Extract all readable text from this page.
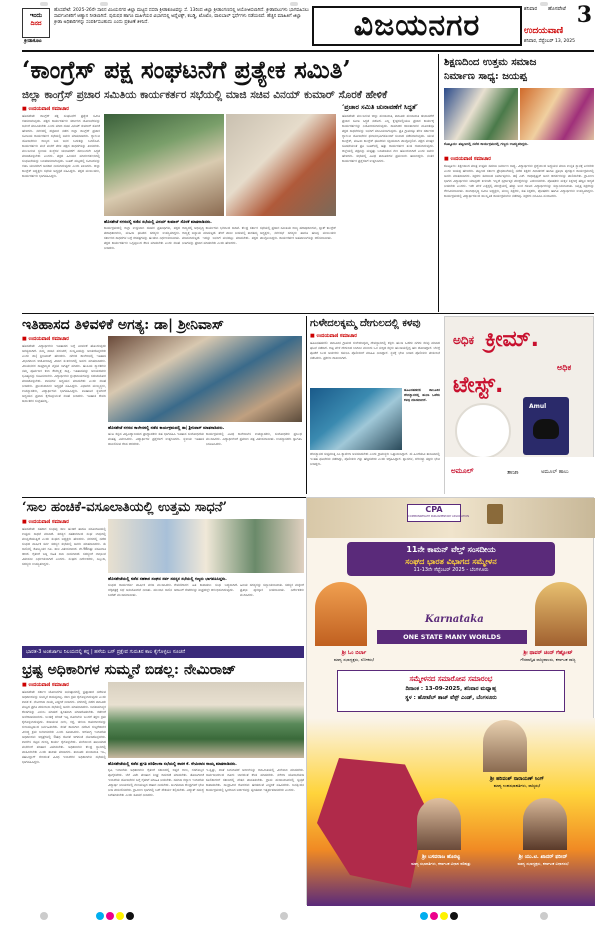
ಇಂದು
ದಿನದ
ಕ್ರೀಡಾಕೂಟ
ಹೊಸಪೇಟೆ: 2025-26ನೇ ಸಾಲಿನ ವಿಜಯನಗರ ಜಿಲ್ಲಾ ಮಟ್ಟದ ದಸರಾ ಕ್ರೀಡಾಕೂಟವನ್ನು ಸೆ. 13ರಿಂದ ಜಿಲ್ಲಾ ಕ್ರೀಡಾಂಗಣದಲ್ಲಿ ಆಯೋಜಿಸಲಾಗಿದೆ. ಕ್ರೀಡಾಪಟುಗಳು ಭಾಗವಹಿಸಲು ಸಾರ್ವಜನಿಕರಿಗೆ ಆಹ್ವಾನ ನೀಡಲಾಗಿದೆ. ಪುರುಷರ ಹಾಗೂ ಮಹಿಳೆಯರ ವಿಭಾಗದಲ್ಲಿ ಅಥ್ಲೆಟಿಕ್ಸ್, ಕಬಡ್ಡಿ, ಖೊಖೊ, ವಾಲಿಬಾಲ್ ಸ್ಪರ್ಧೆಗಳು ನಡೆಯಲಿವೆ. ಹೆಚ್ಚಿನ ಮಾಹಿತಿಗೆ ಜಿಲ್ಲಾ ಕ್ರೀಡಾ ಅಧಿಕಾರಿಗಳನ್ನು ಸಂಪರ್ಕಿಸಬಹುದು ಎಂದು ಪ್ರಕಟಣೆ ತಿಳಿಸಿದೆ.	ವಿಜಯನಗರ	ಶನಿವಾರ ಹೊಸಪೇಟೆ 3
ಉದಯವಾಣಿ
ಶನಿವಾರ, ಸೆಪ್ಟೆಂಬರ್ 13, 2025
‘ಕಾಂಗ್ರೆಸ್ ಪಕ್ಷ ಸಂಘಟನೆಗೆ ಪ್ರತ್ಯೇಕ ಸಮಿತಿ’
ಜಿಲ್ಲಾ ಕಾಂಗ್ರೆಸ್ ಪ್ರಚಾರ ಸಮಿತಿಯ ಕಾರ್ಯಕರ್ತರ ಸಭೆಯಲ್ಲಿ ಮಾಜಿ ಸಚಿವ ವಿನಯ್ ಕುಮಾರ್ ಸೊರಕೆ ಹೇಳಿಕೆ
■ ಉದಯವಾಣಿ ಸಮಾಚಾರ
ಹೊಸಪೇಟೆ: ಕಾಂಗ್ರೆಸ್ ಪಕ್ಷ ಸಂಘಟನೆಗೆ ಪ್ರತ್ಯೇಕ ಸಮಿತಿ ರಚಿಸಲಾಗುವುದು. ಪಕ್ಷದ ಕಾರ್ಯಕರ್ತರು ಸರ್ಕಾರದ ಯೋಜನೆಗಳನ್ನು ಜನರಿಗೆ ತಲುಪಿಸಬೇಕು ಎಂದು ಮಾಜಿ ಸಚಿವ ವಿನಯ್ ಕುಮಾರ್ ಸೊರಕೆ ಹೇಳಿದರು. ನಗರದಲ್ಲಿ ಶುಕ್ರವಾರ ನಡೆದ ಜಿಲ್ಲಾ ಕಾಂಗ್ರೆಸ್ ಪ್ರಚಾರ ಸಮಿತಿಯ ಕಾರ್ಯಕರ್ತರ ಸಭೆಯಲ್ಲಿ ಅವರು ಮಾತನಾಡಿದರು. ಗ್ಯಾರಂಟಿ ಯೋಜನೆಗಳು ರಾಜ್ಯದ ಬಡ ಜನರ ಬದುಕನ್ನು ಬದಲಿಸಿವೆ. ಕಾರ್ಯಕರ್ತರು ಮನೆ ಮನೆಗೆ ತೆರಳಿ ಪಕ್ಷದ ಸಾಧನೆಗಳನ್ನು ತಿಳಿಸಬೇಕು. ಮುಂಬರುವ ಸ್ಥಳೀಯ ಸಂಸ್ಥೆಗಳ ಚುನಾವಣೆಗೆ ಈಗಿನಿಂದಲೇ ಸಿದ್ಧತೆ ಮಾಡಿಕೊಳ್ಳಬೇಕು ಎಂದರು. ಪಕ್ಷದ ಹಿರಿಯರ ಮಾರ್ಗದರ್ಶನದಲ್ಲಿ ಸಂಘಟನೆಯನ್ನು ಬಲಪಡಿಸಲಾಗುವುದು. ಬೂತ್ ಮಟ್ಟದಲ್ಲಿ ಸಮಿತಿಗಳನ್ನು ರಚಿಸಿ ಯುವಕರಿಗೆ ಅವಕಾಶ ನೀಡಲಾಗುವುದು ಎಂದು ತಿಳಿಸಿದರು. ಜಿಲ್ಲಾ ಕಾಂಗ್ರೆಸ್ ಅಧ್ಯಕ್ಷರು ಸಭೆಯ ಅಧ್ಯಕ್ಷತೆ ವಹಿಸಿದ್ದರು. ಪಕ್ಷದ ಮುಖಂಡರು, ಕಾರ್ಯಕರ್ತರು ಭಾಗವಹಿಸಿದ್ದರು.
ಹೊಸಪೇಟೆ ನಗರದಲ್ಲಿ ನಡೆದ ಸಭೆಯಲ್ಲಿ ವಿನಯ್ ಕುಮಾರ್ ಸೊರಕೆ ಮಾತನಾಡಿದರು.
ಕಾರ್ಯಕ್ರಮದಲ್ಲಿ ಜಿಲ್ಲಾ ಉಸ್ತುವಾರಿ ಸಚಿವರ ಪ್ರತಿನಿಧಿಗಳು, ಪಕ್ಷದ ಪದಾಧಿಕಾರಿಗಳು, ಮಹಿಳಾ ಘಟಕದ ಸದಸ್ಯರು ಉಪಸ್ಥಿತರಿದ್ದರು. ಸರ್ಕಾರದ ಸಾಧನೆಗಳ ಬಗ್ಗೆ ಕರಪತ್ರಗಳನ್ನು ಹಂಚಲು ನಿರ್ಧರಿಸಲಾಯಿತು. ಪಕ್ಷದ ಕಾರ್ಯಕರ್ತರು ಒಗ್ಗಟ್ಟಿನಿಂದ ಕೆಲಸ ಮಾಡಬೇಕು ಎಂದು ಸಲಹೆ ನೀಡಿದರು.
ರಾಜ್ಯದಲ್ಲಿ ಅಭಿವೃದ್ಧಿ ಕಾರ್ಯಗಳು ಭರದಿಂದ ಸಾಗಿವೆ. ಕೇಂದ್ರ ಸರ್ಕಾರ ರಾಜ್ಯಕ್ಕೆ ಅನ್ಯಾಯ ಮಾಡುತ್ತಿದೆ. ತೆರಿಗೆ ಪಾಲು ನೀಡುವಲ್ಲಿ ತಾರತಮ್ಯ ಮಾಡಲಾಗುತ್ತಿದೆ. ಇದನ್ನು ಜನರಿಗೆ ಮನದಟ್ಟು ಮಾಡಬೇಕು. ಪಕ್ಷದ ನೀತಿಗಳನ್ನು ಪ್ರಚಾರ ಮಾಡಬೇಕು ಎಂದು ಹೇಳಿದರು.
ಸಭೆಯಲ್ಲಿ ಪ್ರಚಾರ ಸಮಿತಿಯ ರಾಜ್ಯ ಪದಾಧಿಕಾರಿಗಳು, ಬ್ಲಾಕ್ ಕಾಂಗ್ರೆಸ್ ಅಧ್ಯಕ್ಷರು, ನಗರಸಭೆ ಸದಸ್ಯರು ಹಾಗೂ ಹಲವು ಮುಖಂಡರು ಪಾಲ್ಗೊಂಡಿದ್ದರು. ಕಾರ್ಯಕರ್ತರ ಅಹವಾಲುಗಳನ್ನು ಆಲಿಸಲಾಯಿತು.
‘ಪ್ರಚಾರ ಸಮಿತಿ ಚುನಾವಣೆಗೆ ಸಿದ್ಧತೆ’
ಹೊಸಪೇಟೆ: ಮುಂಬರುವ ಜಿಲ್ಲಾ ಪಂಚಾಯಿತಿ, ತಾಲೂಕು ಪಂಚಾಯಿತಿ ಚುನಾವಣೆಗೆ ಪ್ರಚಾರ ಸಮಿತಿ ಸಿದ್ಧತೆ ನಡೆಸಿದೆ. ಎಲ್ಲ ಕ್ಷೇತ್ರಗಳಲ್ಲಿಯೂ ಪ್ರಚಾರ ಕಾರ್ಯಕ್ಕೆ ಕಾರ್ಯಕರ್ತರನ್ನು ನಿಯೋಜಿಸಲಾಗುವುದು. ಸಾಮಾಜಿಕ ಜಾಲತಾಣಗಳ ಮೂಲಕವೂ ಪಕ್ಷದ ಸಾಧನೆಗಳನ್ನು ಜನರಿಗೆ ತಲುಪಿಸಲಾಗುವುದು. ಪ್ರತಿ ಗ್ರಾಮಕ್ಕೂ ತೆರಳಿ ಸರ್ಕಾರದ ಗ್ಯಾರಂಟಿ ಯೋಜನೆಗಳ ಫಲಾನುಭವಿಗಳೊಂದಿಗೆ ಸಂವಾದ ನಡೆಸಲಾಗುವುದು. ಯುವ ಕಾಂಗ್ರೆಸ್, ಮಹಿಳಾ ಕಾಂಗ್ರೆಸ್ ಘಟಕಗಳು ಸಕ್ರಿಯವಾಗಿ ಪಾಲ್ಗೊಳ್ಳಲಿವೆ. ಪಕ್ಷದ ವರಿಷ್ಠರ ಸೂಚನೆಯಂತೆ ಪ್ರತಿ ಬೂತ್‌ನಲ್ಲಿ ಹತ್ತು ಕಾರ್ಯಕರ್ತರ ತಂಡ ರಚಿಸಲಾಗುವುದು. ಜಿಲ್ಲೆಯಲ್ಲಿ ಪಕ್ಷವನ್ನು ಮತ್ತಷ್ಟು ಬಲಪಡಿಸುವ ಗುರಿ ಹೊಂದಲಾಗಿದೆ ಎಂದು ಅವರು ಹೇಳಿದರು. ಸಭೆಯಲ್ಲಿ ವಿವಿಧ ತಾಲೂಕುಗಳ ಪ್ರಮುಖರು ಹಾಜರಿದ್ದರು. ನಂತರ ಕಾರ್ಯಕರ್ತರ ಪ್ರಶ್ನೆಗಳಿಗೆ ಉತ್ತರಿಸಿದರು.
ಶಿಕ್ಷಣದಿಂದ ಉತ್ತಮ ಸಮಾಜ
ನಿರ್ಮಾಣ ಸಾಧ್ಯ: ಜಯಪ್ಪ
ಕೊಟ್ಟೂರು: ಪಟ್ಟಣದಲ್ಲಿ ನಡೆದ ಕಾರ್ಯಕ್ರಮದಲ್ಲಿ ಗಣ್ಯರು ಉಪಸ್ಥಿತರಿದ್ದರು.
■ ಉದಯವಾಣಿ ಸಮಾಚಾರ
ಕೊಟ್ಟೂರು: ಶಿಕ್ಷಣದಿಂದ ಮಾತ್ರ ಉತ್ತಮ ಸಮಾಜ ನಿರ್ಮಾಣ ಸಾಧ್ಯ. ವಿದ್ಯಾರ್ಥಿಗಳು ಶ್ರದ್ಧೆಯಿಂದ ಅಧ್ಯಯನ ಮಾಡಿ ಉನ್ನತ ಸ್ಥಾನಕ್ಕೆ ಏರಬೇಕು ಎಂದು ಜಯಪ್ಪ ಹೇಳಿದರು. ಪಟ್ಟಣದ ಸರ್ಕಾರಿ ಪ್ರೌಢಶಾಲೆಯಲ್ಲಿ ನಡೆದ ಶಿಕ್ಷಕರ ದಿನಾಚರಣೆ ಹಾಗೂ ಪ್ರತಿಭಾ ಪುರಸ್ಕಾರ ಕಾರ್ಯಕ್ರಮದಲ್ಲಿ ಅವರು ಮಾತನಾಡಿದರು. ಶಿಕ್ಷಕರು ಸಮಾಜದ ನಿರ್ಮಾತೃಗಳು. ಡಾ| ಎಸ್. ರಾಧಾಕೃಷ್ಣನ್ ಅವರ ಆದರ್ಶಗಳನ್ನು ಪಾಲಿಸಬೇಕು. ಗ್ರಾಮೀಣ ಭಾಗದ ವಿದ್ಯಾರ್ಥಿಗಳು ಯಾವುದೇ ಕೀಳರಿಮೆ ಇಲ್ಲದೆ ಸ್ಪರ್ಧಾತ್ಮಕ ಪರೀಕ್ಷೆಗಳನ್ನು ಎದುರಿಸಬೇಕು. ಪೋಷಕರು ಮಕ್ಕಳ ಶಿಕ್ಷಣಕ್ಕೆ ಹೆಚ್ಚಿನ ಆದ್ಯತೆ ನೀಡಬೇಕು ಎಂದರು. ಇದೇ ವೇಳೆ ಎಸ್ಸೆಸ್ಸೆಲ್ಸಿ ಪರೀಕ್ಷೆಯಲ್ಲಿ ಹೆಚ್ಚು ಅಂಕ ಗಳಿಸಿದ ವಿದ್ಯಾರ್ಥಿಗಳನ್ನು ಸನ್ಮಾನಿಸಲಾಯಿತು. ನಿವೃತ್ತ ಶಿಕ್ಷಕರನ್ನು ಗೌರವಿಸಲಾಯಿತು. ಶಾಲಾಭಿವೃದ್ಧಿ ಸಮಿತಿ ಅಧ್ಯಕ್ಷರು, ಮುಖ್ಯ ಶಿಕ್ಷಕರು, ಸಹ ಶಿಕ್ಷಕರು, ಪೋಷಕರು ಹಾಗೂ ವಿದ್ಯಾರ್ಥಿಗಳು ಉಪಸ್ಥಿತರಿದ್ದರು. ಕಾರ್ಯಕ್ರಮದಲ್ಲಿ ವಿದ್ಯಾರ್ಥಿಗಳಿಂದ ಸಾಂಸ್ಕೃತಿಕ ಕಾರ್ಯಕ್ರಮಗಳು ನಡೆದವು. ಶಿಕ್ಷಕರು ನಿರೂಪಿಸಿ ವಂದಿಸಿದರು.
ಇತಿಹಾಸದ ತಿಳಿವಳಿಕೆ ಅಗತ್ಯ: ಡಾ| ಶ್ರೀನಿವಾಸ್
■ ಉದಯವಾಣಿ ಸಮಾಚಾರ
ಹೊಸಪೇಟೆ: ವಿದ್ಯಾರ್ಥಿಗಳು ಇತಿಹಾಸದ ಬಗ್ಗೆ ತಿಳಿವಳಿಕೆ ಹೊಂದುವುದು ಅಗತ್ಯವಾಗಿದೆ. ನಮ್ಮ ನಾಡಿನ ಪರಂಪರೆ, ಸಂಸ್ಕೃತಿಯನ್ನು ಅರಿತುಕೊಳ್ಳಬೇಕು ಎಂದು ಡಾ| ಶ್ರೀನಿವಾಸ್ ಹೇಳಿದರು. ನಗರದ ಕಾಲೇಜಿನಲ್ಲಿ ಇತಿಹಾಸ ವಿಭಾಗದಿಂದ ಆಯೋಜಿಸಿದ್ದ ವಿಚಾರ ಸಂಕಿರಣದಲ್ಲಿ ಅವರು ಮಾತನಾಡಿದರು. ವಿಜಯನಗರ ಸಾಮ್ರಾಜ್ಯದ ವೈಭವ ಜಗತ್ತಿಗೆ ಮಾದರಿ. ಹಂಪಿಯ ಸ್ಮಾರಕಗಳು ನಮ್ಮ ಪೂರ್ವಜರ ಕಲಾ ಕೌಶಲ್ಯಕ್ಕೆ ಸಾಕ್ಷಿ. ಇತಿಹಾಸವನ್ನು ಅರಿಯದವರು ಭವಿಷ್ಯವನ್ನು ರೂಪಿಸಲಾರರು. ವಿದ್ಯಾರ್ಥಿಗಳು ಗ್ರಂಥಾಲಯಗಳನ್ನು ಸದುಪಯೋಗ ಮಾಡಿಕೊಳ್ಳಬೇಕು. ಶಾಸನಗಳ ಅಧ್ಯಯನ ಮಾಡಬೇಕು ಎಂದು ಸಲಹೆ ನೀಡಿದರು. ಪ್ರಾಂಶುಪಾಲರು ಅಧ್ಯಕ್ಷತೆ ವಹಿಸಿದ್ದರು. ವಿಭಾಗದ ಮುಖ್ಯಸ್ಥರು, ಉಪನ್ಯಾಸಕರು, ವಿದ್ಯಾರ್ಥಿಗಳು ಭಾಗವಹಿಸಿದ್ದರು. ಐತಿಹಾಸಿಕ ಸ್ಥಳಗಳಿಗೆ ಅಧ್ಯಯನ ಪ್ರವಾಸ ಕೈಗೊಳ್ಳುವಂತೆ ಸಲಹೆ ನೀಡಿದರು. ಇತಿಹಾಸ ಕೇವಲ ದಿನಾಂಕಗಳ ಸಂಗ್ರಹವಲ್ಲ.
ಹೊಸಪೇಟೆ ನಗರದ ಕಾಲೇಜಿನಲ್ಲಿ ನಡೆದ ಕಾರ್ಯಕ್ರಮದಲ್ಲಿ ಡಾ| ಶ್ರೀನಿವಾಸ್ ಮಾತನಾಡಿದರು.
ಹಂಪಿ ಕನ್ನಡ ವಿಶ್ವವಿದ್ಯಾಲಯದ ಪ್ರಾಧ್ಯಾಪಕರು ಸಹ ಭಾಗವಹಿಸಿ ಇತಿಹಾಸ ಸಂಶೋಧನೆಯ ಮಹತ್ವ ವಿವರಿಸಿದರು. ವಿದ್ಯಾರ್ಥಿಗಳ ಪ್ರಶ್ನೆಗಳಿಗೆ ಉತ್ತರಿಸಿದರು. ಸ್ಥಳೀಯ ಇತಿಹಾಸ ದಾಖಲಿಸುವ ಕೆಲಸ ಆಗಬೇಕು.
ಕಾರ್ಯಕ್ರಮದಲ್ಲಿ ವಿವಿಧ ಕಾಲೇಜುಗಳ ಉಪನ್ಯಾಸಕರು, ಸಂಶೋಧಕರು ಪ್ರಬಂಧ ಮಂಡಿಸಿದರು. ವಿದ್ಯಾರ್ಥಿಗಳಿಗೆ ಪ್ರಮಾಣ ಪತ್ರ ವಿತರಿಸಲಾಯಿತು. ಉಪನ್ಯಾಸಕರು ಸ್ವಾಗತಿಸಿ ನಿರೂಪಿಸಿದರು.
ಗುಳೇದಲಕ್ಕಮ್ಮ ದೇಗುಲದಲ್ಲಿ ಕಳವು
■ ಉದಯವಾಣಿ ಸಮಾಚಾರ
ಹೂವಿನಹಡಗಲಿ: ತಾಲೂಕಿನ ಗ್ರಾಮದ ಗುಳೇದಲಕ್ಕಮ್ಮ ದೇವಸ್ಥಾನದಲ್ಲಿ ಕಳ್ಳರು ಹುಂಡಿ ಒಡೆದು ನಗದು ಕಳವು ಮಾಡಿದ ಘಟನೆ ನಡೆದಿದೆ. ರಾತ್ರಿ ವೇಳೆ ದೇಗುಲದ ಬಾಗಿಲು ಮುರಿದು ಒಳ ನುಗ್ಗಿದ ಕಳ್ಳರು ಹುಂಡಿಯಲ್ಲಿದ್ದ ಹಣ ದೋಚಿದ್ದಾರೆ. ಬೆಳಗ್ಗೆ ಪೂಜೆಗೆ ಬಂದ ಅರ್ಚಕರು ಗಮನಿಸಿ ಪೊಲೀಸರಿಗೆ ಮಾಹಿತಿ ನೀಡಿದ್ದಾರೆ. ಸ್ಥಳಕ್ಕೆ ಭೇಟಿ ನೀಡಿದ ಪೊಲೀಸರು ಪರಿಶೀಲನೆ ನಡೆಸಿದರು. ಪ್ರಕರಣ ದಾಖಲಾಗಿದೆ.
ಹೂವಿನಹಡಗಲಿ ತಾಲೂಕಿನ ದೇವಸ್ಥಾನದಲ್ಲಿ ಹುಂಡಿ ಒಡೆದು ಕಳವು ಮಾಡಲಾಗಿದೆ.
ದೇವಸ್ಥಾನದ ಸುತ್ತಮುತ್ತ ಸಿಸಿ ಕ್ಯಾಮೆರಾ ಅಳವಡಿಸಬೇಕು ಎಂದು ಗ್ರಾಮಸ್ಥರು ಒತ್ತಾಯಿಸಿದ್ದಾರೆ. ಈ ಹಿಂದೆಯೂ ತಾಲೂಕಿನಲ್ಲಿ ಇಂತಹ ಘಟನೆಗಳು ನಡೆದಿದ್ದು, ಪೊಲೀಸರು ಗಸ್ತು ಹೆಚ್ಚಿಸಬೇಕು ಎಂದು ಆಗ್ರಹಿಸಿದ್ದಾರೆ. ಶ್ವಾನದಳ, ಬೆರಳಚ್ಚು ತಜ್ಞರು ಭೇಟಿ ನೀಡಿದ್ದರು.
ಅಧಿಕ ಕ್ರೀಮ್.
ಅಧಿಕ
ಟೇಸ್ಟ್.
Amul
ಅಮೂಲ್	ತಾಜಾ	ಅಮೂಲ್ ಹಾಲು
‘ಸಾಲ ಹಂಚಿಕೆ-ವಸೂಲಾತಿಯಲ್ಲಿ ಉತ್ತಮ ಸಾಧನೆ’
■ ಉದಯವಾಣಿ ಸಮಾಚಾರ
ಹೊಸಪೇಟೆ: ಸಹಕಾರ ಸಂಘವು ಸಾಲ ಹಂಚಿಕೆ ಹಾಗೂ ವಸೂಲಾತಿಯಲ್ಲಿ ಉತ್ತಮ ಸಾಧನೆ ಮಾಡಿದೆ. ಸದಸ್ಯರ ಸಹಕಾರದಿಂದ ಸಂಘ ಲಾಭದಲ್ಲಿ ಮುನ್ನಡೆಯುತ್ತಿದೆ ಎಂದು ಸಂಘದ ಅಧ್ಯಕ್ಷರು ಹೇಳಿದರು. ನಗರದಲ್ಲಿ ನಡೆದ ಸಂಘದ ವಾರ್ಷಿಕ ಸರ್ವ ಸದಸ್ಯರ ಸಭೆಯಲ್ಲಿ ಅವರು ಮಾತನಾಡಿದರು. ಈ ಸಾಲಿನಲ್ಲಿ ಕೋಟ್ಯಂತರ ರೂ. ಸಾಲ ವಿತರಿಸಲಾಗಿದೆ. ಶೇ.98ರಷ್ಟು ವಸೂಲಾತಿ ಆಗಿದೆ. ರೈತರಿಗೆ ಬಡ್ಡಿ ರಹಿತ ಸಾಲ ನೀಡಲಾಗಿದೆ. ಸದಸ್ಯರಿಗೆ ಲಾಭಾಂಶ ವಿತರಿಸಲು ನಿರ್ಧರಿಸಲಾಗಿದೆ ಎಂದರು. ಸಂಘದ ನಿರ್ದೇಶಕರು, ಸಿಬ್ಬಂದಿ, ಸದಸ್ಯರು ಉಪಸ್ಥಿತರಿದ್ದರು.
ಹೊಸಪೇಟೆಯಲ್ಲಿ ನಡೆದ ಸಹಕಾರ ಸಂಘದ ಸರ್ವ ಸದಸ್ಯರ ಸಭೆಯಲ್ಲಿ ಗಣ್ಯರು ಭಾಗವಹಿಸಿದ್ದರು.
ಸಂಘದ ಕಾರ್ಯದರ್ಶಿ ವಾರ್ಷಿಕ ವರದಿ ಮಂಡಿಸಿದರು. ಲೆಕ್ಕಪತ್ರಕ್ಕೆ ಸಭೆ ಅನುಮೋದನೆ ನೀಡಿತು. ಮುಂದಿನ ಸಾಲಿನ ಬಜೆಟ್ ಮಂಡಿಸಲಾಯಿತು.
ಠೇವಣಿದಾರರ ಹಿತ ಕಾಪಾಡಲು ಸಂಘ ಬದ್ಧವಾಗಿದೆ. ಡಿಜಿಟಲ್ ಸೇವೆಗಳನ್ನು ಶೀಘ್ರದಲ್ಲೇ ಆರಂಭಿಸಲಾಗುವುದು.
ಹಿರಿಯ ಸದಸ್ಯರನ್ನು ಸನ್ಮಾನಿಸಲಾಯಿತು. ಸದಸ್ಯರ ಮಕ್ಕಳಿಗೆ ಪ್ರತಿಭಾ ಪುರಸ್ಕಾರ ನೀಡಲಾಯಿತು. ನಿರ್ದೇಶಕರು ವಂದಿಸಿದರು.
ಭಾರತ-3 ಅಂತರ್ಜಾಲ ನಿಲಯದಲ್ಲಿ ಕನ್ನ | ಹಳೆಯ ಬಸ್ ಪ್ರಕ್ಷೇಪ ಗುರುತಿನ ಕಾಲ ಕೈಗೊಳ್ಳಲು ಸೂಚನೆ
ಭ್ರಷ್ಟ ಅಧಿಕಾರಿಗಳ ಸುಮ್ಮನೆ ಬಿಡಲ್ಲ: ನೇಮಿರಾಜ್
■ ಉದಯವಾಣಿ ಸಮಾಚಾರ
ಹೊಸಪೇಟೆ: ಸರ್ಕಾರಿ ಯೋಜನೆಗಳ ಅನುಷ್ಠಾನದಲ್ಲಿ ಭ್ರಷ್ಟಾಚಾರ ನಡೆಸುವ ಅಧಿಕಾರಿಗಳನ್ನು ಸುಮ್ಮನೆ ಬಿಡುವುದಿಲ್ಲ. ಕಠಿಣ ಕ್ರಮ ಕೈಗೊಳ್ಳಲಾಗುವುದು ಎಂದು ಶಾಸಕ ಕೆ. ನೇಮಿರಾಜ ನಾಯ್ಕ ಎಚ್ಚರಿಕೆ ನೀಡಿದರು. ನಗರದಲ್ಲಿ ನಡೆದ ತಾಲೂಕು ಮಟ್ಟದ ಪ್ರಗತಿ ಪರಿಶೀಲನಾ ಸಭೆಯಲ್ಲಿ ಅವರು ಮಾತನಾಡಿದರು. ಜನಸಾಮಾನ್ಯರ ಕೆಲಸಗಳನ್ನು ವಿಳಂಬ ಮಾಡದೆ ತ್ವರಿತವಾಗಿ ಮಾಡಿಕೊಡಬೇಕು. ಕಚೇರಿಗೆ ಅಲೆದಾಡಿಸಬಾರದು. ಲಂಚಕ್ಕೆ ಬೇಡಿಕೆ ಇಟ್ಟ ದೂರುಗಳು ಬಂದರೆ ತಕ್ಷಣ ಕ್ರಮ ಕೈಗೊಳ್ಳಲಾಗುವುದು. ಕುಡಿಯುವ ನೀರು, ರಸ್ತೆ, ಚರಂಡಿ ಕಾಮಗಾರಿಗಳನ್ನು ಗುಣಮಟ್ಟದಿಂದ ನಿರ್ವಹಿಸಬೇಕು. ಕಳಪೆ ಕಾಮಗಾರಿ ನಡೆಸಿದ ಗುತ್ತಿಗೆದಾರರ ವಿರುದ್ಧ ಕ್ರಮ ಜರುಗಿಸಬೇಕು ಎಂದು ಸೂಚಿಸಿದರು. ಆರೋಗ್ಯ ಇಲಾಖೆಯ ಅಧಿಕಾರಿಗಳು ಆಸ್ಪತ್ರೆಗಳಲ್ಲಿ ಔಷಧ ಕೊರತೆ ಆಗದಂತೆ ನೋಡಿಕೊಳ್ಳಬೇಕು. ಶಾಲೆಗಳ ಕಟ್ಟಡ ದುರಸ್ತಿ ಕಾರ್ಯ ಕೈಗೊಳ್ಳಬೇಕು. ಮಳೆಯಿಂದ ಹಾನಿಯಾದ ಮನೆಗಳಿಗೆ ಪರಿಹಾರ ವಿತರಿಸಬೇಕು. ಅಧಿಕಾರಿಗಳು ಕೇಂದ್ರ ಸ್ಥಾನದಲ್ಲಿ ವಾಸವಿರಬೇಕು ಎಂದು ತಾಕೀತು ಮಾಡಿದರು. ತಾಲೂಕು ಪಂಚಾಯಿತಿ ಇಒ, ತಹಸೀಲ್ದಾರ್ ಸೇರಿದಂತೆ ವಿವಿಧ ಇಲಾಖೆಗಳ ಅಧಿಕಾರಿಗಳು ಸಭೆಯಲ್ಲಿ ಭಾಗವಹಿಸಿದ್ದರು.	ಹೊಸಪೇಟೆಯಲ್ಲಿ ನಡೆದ ಪ್ರಗತಿ ಪರಿಶೀಲನಾ ಸಭೆಯಲ್ಲಿ ಶಾಸಕ ಕೆ. ನೇಮಿರಾಜ ನಾಯ್ಕ ಮಾತನಾಡಿದರು.
ಕೃಷಿ ಇಲಾಖೆಯ ಅಧಿಕಾರಿಗಳು ರೈತರಿಗೆ ಸಕಾಲದಲ್ಲಿ ಬಿತ್ತನೆ ಬೀಜ, ರಸಗೊಬ್ಬರ ಪೂರೈಸಬೇಕು. ಬೆಳೆ ವಿಮೆ ಪರಿಹಾರ ಶೀಘ್ರ ಬಿಡುಗಡೆ ಮಾಡಬೇಕು. ತೋಟಗಾರಿಕೆ ಇಲಾಖೆಯ ಯೋಜನೆಗಳ ಬಗ್ಗೆ ರೈತರಿಗೆ ಮಾಹಿತಿ ನೀಡಬೇಕು. ಸಮಾಜ ಕಲ್ಯಾಣ ಇಲಾಖೆಯ ವಿದ್ಯಾರ್ಥಿ ನಿಲಯಗಳಲ್ಲಿ ಗುಣಮಟ್ಟದ ಆಹಾರ ನೀಡಬೇಕು. ಅಂಗನವಾಡಿ ಕೇಂದ್ರಗಳಿಗೆ ಭೇಟಿ ನೀಡಿ ಪರಿಶೀಲಿಸಬೇಕು. ಗ್ರಾಮೀಣ ಭಾಗದಲ್ಲಿ ಬಸ್ ಸೌಕರ್ಯ ಕಲ್ಪಿಸಬೇಕು. ವಿದ್ಯುತ್ ಸಮಸ್ಯೆ ಬಗೆಹರಿಸಬೇಕು ಎಂದು ಸೂಚನೆ ನೀಡಿದರು.
ಇ-ಸ್ವತ್ತು, ಖಾತೆ ಬದಲಾವಣೆ ಅರ್ಜಿಗಳನ್ನು ಕಾಲಮಿತಿಯಲ್ಲಿ ವಿಲೇವಾರಿ ಮಾಡಬೇಕು. ಸಾರ್ವಜನಿಕರಿಂದ ದೂರು ಬಾರದಂತೆ ಕೆಲಸ ಮಾಡಬೇಕು. ನರೇಗಾ ಯೋಜನೆಯಡಿ ಕೂಲಿಕಾರರಿಗೆ ಸಕಾಲದಲ್ಲಿ ವೇತನ ಪಾವತಿಸಬೇಕು. ಗ್ರಾಮ ಪಂಚಾಯಿತಿಗಳಲ್ಲಿ ಸ್ವಚ್ಛತೆ ಕಾಪಾಡಬೇಕು. ಸಾಂಕ್ರಾಮಿಕ ರೋಗಗಳು ಹರಡದಂತೆ ಎಚ್ಚರಿಕೆ ವಹಿಸಬೇಕು. ಜನಸ್ಪಂದನ ಕಾರ್ಯಕ್ರಮದಲ್ಲಿ ಸ್ವೀಕರಿಸಿದ ಅರ್ಜಿಗಳನ್ನು ತ್ವರಿತವಾಗಿ ಇತ್ಯರ್ಥಪಡಿಸಬೇಕು ಎಂದರು.
CPA
COMMONWEALTH PARLIAMENTARY ASSOCIATION
11ನೇ ಕಾಮನ್ ವೆಲ್ತ್ ಸಂಸದೀಯ
ಸಂಘದ ಭಾರತ ವಿಭಾಗದ ಸಮ್ಮೇಳನ
11-13ನೇ ಸೆಪ್ಟೆಂಬರ್ 2025 - ಬೆಂಗಳೂರು
Karnataka
ONE STATE MANY WORLDS
ಶ್ರೀ ಓಂ ಬಿರ್ಲಾ
ಮಾನ್ಯ ಸಭಾಧ್ಯಕ್ಷರು, ಲೋಕಸಭೆ
ಶ್ರೀ ಥಾವರ್ ಚಂದ್ ಗೆಹ್ಲೋಟ್
ಗೌರವಾನ್ವಿತ ರಾಜ್ಯಪಾಲರು, ಕರ್ನಾಟಕ ರಾಜ್ಯ
ಸಮ್ಮೇಳನದ ಸಮಾರೋಪ ಸಮಾರಂಭ
ದಿನಾಂಕ : 13-09-2025, ಶನಿವಾರ ಮಧ್ಯಾಹ್ನ
ಸ್ಥಳ : ಹೋಟೆಲ್ ತಾಜ್ ವೆಸ್ಟ್ ಎಂಡ್, ಬೆಂಗಳೂರು
ಶ್ರೀ ಹರಿವಂಶ್ ನಾರಾಯಣ್ ಸಿಂಗ್
ಮಾನ್ಯ ಉಪಸಭಾಪತಿಗಳು, ರಾಜ್ಯಸಭೆ
ಶ್ರೀ ಬಸವರಾಜ ಹೊರಟ್ಟಿ
ಮಾನ್ಯ ಸಭಾಪತಿಗಳು, ಕರ್ನಾಟಕ ವಿಧಾನ ಪರಿಷತ್ತು
ಶ್ರೀ ಯು.ಟಿ. ಖಾದರ್ ಫರೀದ್
ಮಾನ್ಯ ಸಭಾಧ್ಯಕ್ಷರು, ಕರ್ನಾಟಕ ವಿಧಾನಸಭೆ
